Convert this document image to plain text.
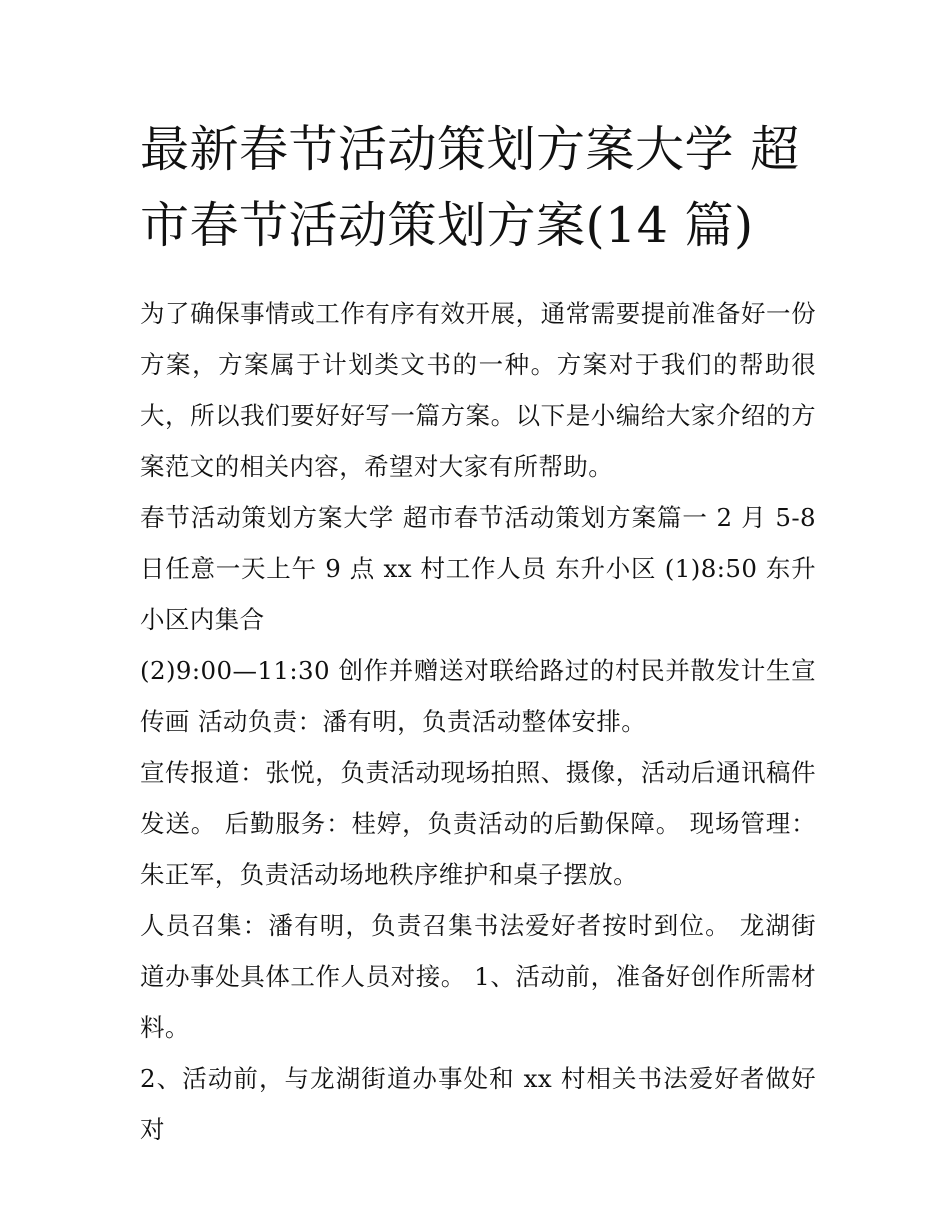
最新春节活动策划方案大学 超市春节活动策划方案(14 篇)

为了确保事情或工作有序有效开展，通常需要提前准备好一份方案，方案属于计划类文书的一种。方案对于我们的帮助很大，所以我们要好好写一篇方案。以下是小编给大家介绍的方案范文的相关内容，希望对大家有所帮助。

春节活动策划方案大学 超市春节活动策划方案篇一 2 月 5-8 日任意一天上午 9 点 xx 村工作人员 东升小区 (1)8:50 东升小区内集合

(2)9:00—11:30 创作并赠送对联给路过的村民并散发计生宣传画 活动负责：潘有明，负责活动整体安排。

宣传报道：张悦，负责活动现场拍照、摄像，活动后通讯稿件发送。 后勤服务：桂婷，负责活动的后勤保障。 现场管理：朱正军，负责活动场地秩序维护和桌子摆放。

人员召集：潘有明，负责召集书法爱好者按时到位。 龙湖街道办事处具体工作人员对接。 1、活动前，准备好创作所需材料。

2、活动前，与龙湖街道办事处和 xx 村相关书法爱好者做好对
